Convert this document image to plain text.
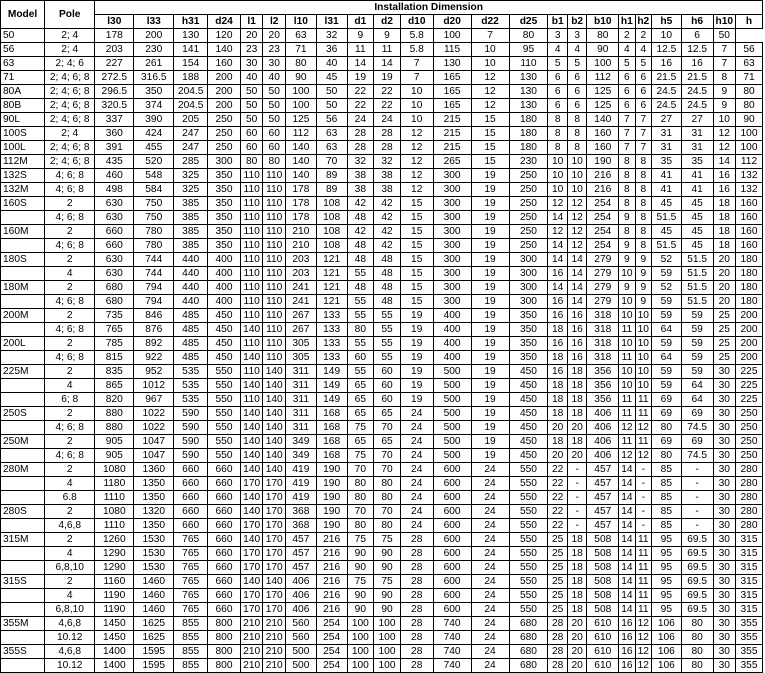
Model	Pole	Installation Dimension																						
		l30	l33	h31	d24	l1	l2	l10	l31	d1	d2	d10	d20	d22	d25	b1	b2	b10	h1	h2	h5	h6	h10	h
50	2; 4	178	200	130	120	20	20	63	32	9	9	5.8	100	7	80	3	3	80	2	2	10	6	50	
56	2; 4	203	230	141	140	23	23	71	36	11	11	5.8	115	10	95	4	4	90	4	4	12.5	12.5	7	56
63	2; 4; 6	227	261	154	160	30	30	80	40	14	14	7	130	10	110	5	5	100	5	5	16	16	7	63
71	2; 4; 6; 8	272.5	316.5	188	200	40	40	90	45	19	19	7	165	12	130	6	6	112	6	6	21.5	21.5	8	71
80A	2; 4; 6; 8	296.5	350	204.5	200	50	50	100	50	22	22	10	165	12	130	6	6	125	6	6	24.5	24.5	9	80
80B	2; 4; 6; 8	320.5	374	204.5	200	50	50	100	50	22	22	10	165	12	130	6	6	125	6	6	24.5	24.5	9	80
90L	2; 4; 6; 8	337	390	205	250	50	50	125	56	24	24	10	215	15	180	8	8	140	7	7	27	27	10	90
100S	2; 4	360	424	247	250	60	60	112	63	28	28	12	215	15	180	8	8	160	7	7	31	31	12	100
100L	2; 4; 6; 8	391	455	247	250	60	60	140	63	28	28	12	215	15	180	8	8	160	7	7	31	31	12	100
112M	2; 4; 6; 8	435	520	285	300	80	80	140	70	32	32	12	265	15	230	10	10	190	8	8	35	35	14	112
132S	4; 6; 8	460	548	325	350	110	110	140	89	38	38	12	300	19	250	10	10	216	8	8	41	41	16	132
132M	4; 6; 8	498	584	325	350	110	110	178	89	38	38	12	300	19	250	10	10	216	8	8	41	41	16	132
160S	2	630	750	385	350	110	110	178	108	42	42	15	300	19	250	12	12	254	8	8	45	45	18	160
	4; 6; 8	630	750	385	350	110	110	178	108	48	42	15	300	19	250	14	12	254	9	8	51.5	45	18	160
160M	2	660	780	385	350	110	110	210	108	42	42	15	300	19	250	12	12	254	8	8	45	45	18	160
	4; 6; 8	660	780	385	350	110	110	210	108	48	42	15	300	19	250	14	12	254	9	8	51.5	45	18	160
180S	2	630	744	440	400	110	110	203	121	48	48	15	300	19	300	14	14	279	9	9	52	51.5	20	180
	4	630	744	440	400	110	110	203	121	55	48	15	300	19	300	16	14	279	10	9	59	51.5	20	180
180M	2	680	794	440	400	110	110	241	121	48	48	15	300	19	300	14	14	279	9	9	52	51.5	20	180
	4; 6; 8	680	794	440	400	110	110	241	121	55	48	15	300	19	300	16	14	279	10	9	59	51.5	20	180
200M	2	735	846	485	450	110	110	267	133	55	55	19	400	19	350	16	16	318	10	10	59	59	25	200
	4; 6; 8	765	876	485	450	140	110	267	133	80	55	19	400	19	350	18	16	318	11	10	64	59	25	200
200L	2	785	892	485	450	110	110	305	133	55	55	19	400	19	350	16	16	318	10	10	59	59	25	200
	4; 6; 8	815	922	485	450	140	110	305	133	60	55	19	400	19	350	18	16	318	11	10	64	59	25	200
225M	2	835	952	535	550	110	140	311	149	55	60	19	500	19	450	16	18	356	10	10	59	59	30	225
	4	865	1012	535	550	140	140	311	149	65	60	19	500	19	450	18	18	356	10	10	59	64	30	225
	6; 8	820	967	535	550	110	140	311	149	65	60	19	500	19	450	18	18	356	11	11	69	64	30	225
250S	2	880	1022	590	550	140	140	311	168	65	65	24	500	19	450	18	18	406	11	11	69	69	30	250
	4; 6; 8	880	1022	590	550	140	140	311	168	75	70	24	500	19	450	20	20	406	12	12	80	74.5	30	250
250M	2	905	1047	590	550	140	140	349	168	65	65	24	500	19	450	18	18	406	11	11	69	69	30	250
	4; 6; 8	905	1047	590	550	140	140	349	168	75	70	24	500	19	450	20	20	406	12	12	80	74.5	30	250
280M	2	1080	1360	660	660	140	140	419	190	70	70	24	600	24	550	22	-	457	14	-	85	-	30	280
	4	1180	1350	660	660	170	170	419	190	80	80	24	600	24	550	22	-	457	14	-	85	-	30	280
	6.8	1110	1350	660	660	140	170	419	190	80	80	24	600	24	550	22	-	457	14	-	85	-	30	280
280S	2	1080	1320	660	660	140	170	368	190	70	70	24	600	24	550	22	-	457	14	-	85	-	30	280
	4,6,8	1110	1350	660	660	170	170	368	190	80	80	24	600	24	550	22	-	457	14	-	85	-	30	280
315M	2	1260	1530	765	660	140	170	457	216	75	75	28	600	24	550	25	18	508	14	11	95	69.5	30	315
	4	1290	1530	765	660	170	170	457	216	90	90	28	600	24	550	25	18	508	14	11	95	69.5	30	315
	6,8,10	1290	1530	765	660	170	170	457	216	90	90	28	600	24	550	25	18	508	14	11	95	69.5	30	315
315S	2	1160	1460	765	660	140	140	406	216	75	75	28	600	24	550	25	18	508	14	11	95	69.5	30	315
	4	1190	1460	765	660	170	170	406	216	90	90	28	600	24	550	25	18	508	14	11	95	69.5	30	315
	6,8,10	1190	1460	765	660	170	170	406	216	90	90	28	600	24	550	25	18	508	14	11	95	69.5	30	315
355M	4,6,8	1450	1625	855	800	210	210	560	254	100	100	28	740	24	680	28	20	610	16	12	106	80	30	355
	10.12	1450	1625	855	800	210	210	560	254	100	100	28	740	24	680	28	20	610	16	12	106	80	30	355
355S	4,6,8	1400	1595	855	800	210	210	500	254	100	100	28	740	24	680	28	20	610	16	12	106	80	30	355
	10.12	1400	1595	855	800	210	210	500	254	100	100	28	740	24	680	28	20	610	16	12	106	80	30	355
